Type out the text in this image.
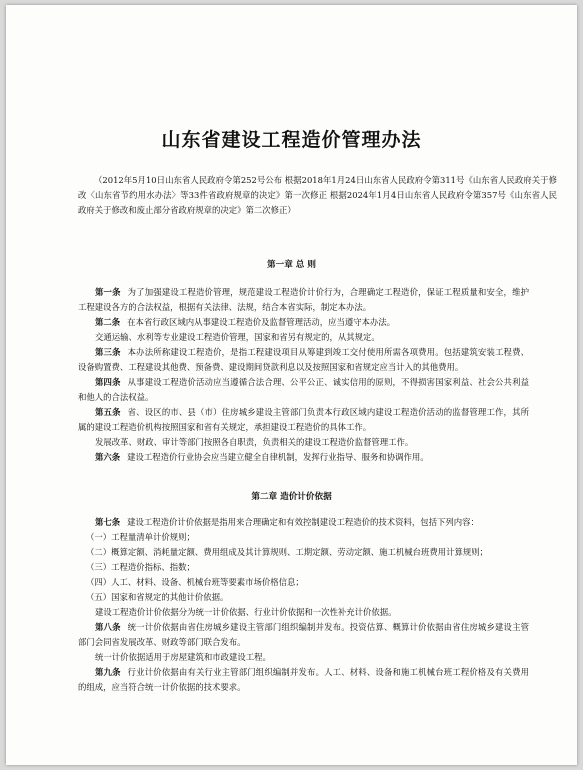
山东省建设工程造价管理办法
（2012年5月10日山东省人民政府令第252号公布 根据2018年1月24日山东省人民政府令第311号《山东省人民政府关于修改〈山东省节约用水办法〉等33件省政府规章的决定》第一次修正 根据2024年1月4日山东省人民政府令第357号《山东省人民政府关于修改和废止部分省政府规章的决定》第二次修正）
第一章 总 则

第一条 为了加强建设工程造价管理，规范建设工程造价计价行为，合理确定工程造价，保证工程质量和安全，维护工程建设各方的合法权益，根据有关法律、法规，结合本省实际，制定本办法。

第二条 在本省行政区域内从事建设工程造价及监督管理活动，应当遵守本办法。

交通运输、水利等专业建设工程造价管理，国家和省另有规定的，从其规定。

第三条 本办法所称建设工程造价，是指工程建设项目从筹建到竣工交付使用所需各项费用。包括建筑安装工程费、设备购置费、工程建设其他费、预备费、建设期间贷款利息以及按照国家和省规定应当计入的其他费用。

第四条 从事建设工程造价活动应当遵循合法合理、公平公正、诚实信用的原则，不得损害国家利益、社会公共利益和他人的合法权益。

第五条 省、设区的市、县（市）住房城乡建设主管部门负责本行政区域内建设工程造价活动的监督管理工作，其所属的建设工程造价机构按照国家和省有关规定，承担建设工程造价的具体工作。

发展改革、财政、审计等部门按照各自职责，负责相关的建设工程造价监督管理工作。

第六条 建设工程造价行业协会应当建立健全自律机制，发挥行业指导、服务和协调作用。

第二章 造价计价依据

第七条 建设工程造价计价依据是指用来合理确定和有效控制建设工程造价的技术资料，包括下列内容：

（一）工程量清单计价规则；

（二）概算定额、消耗量定额、费用组成及其计算规则、工期定额、劳动定额、施工机械台班费用计算规则；

（三）工程造价指标、指数；

（四）人工、材料、设备、机械台班等要素市场价格信息；

（五）国家和省规定的其他计价依据。

建设工程造价计价依据分为统一计价依据、行业计价依据和一次性补充计价依据。

第八条 统一计价依据由省住房城乡建设主管部门组织编制并发布。投资估算、概算计价依据由省住房城乡建设主管部门会同省发展改革、财政等部门联合发布。

统一计价依据适用于房屋建筑和市政建设工程。

第九条 行业计价依据由有关行业主管部门组织编制并发布。人工、材料、设备和施工机械台班工程价格及有关费用的组成，应当符合统一计价依据的技术要求。
